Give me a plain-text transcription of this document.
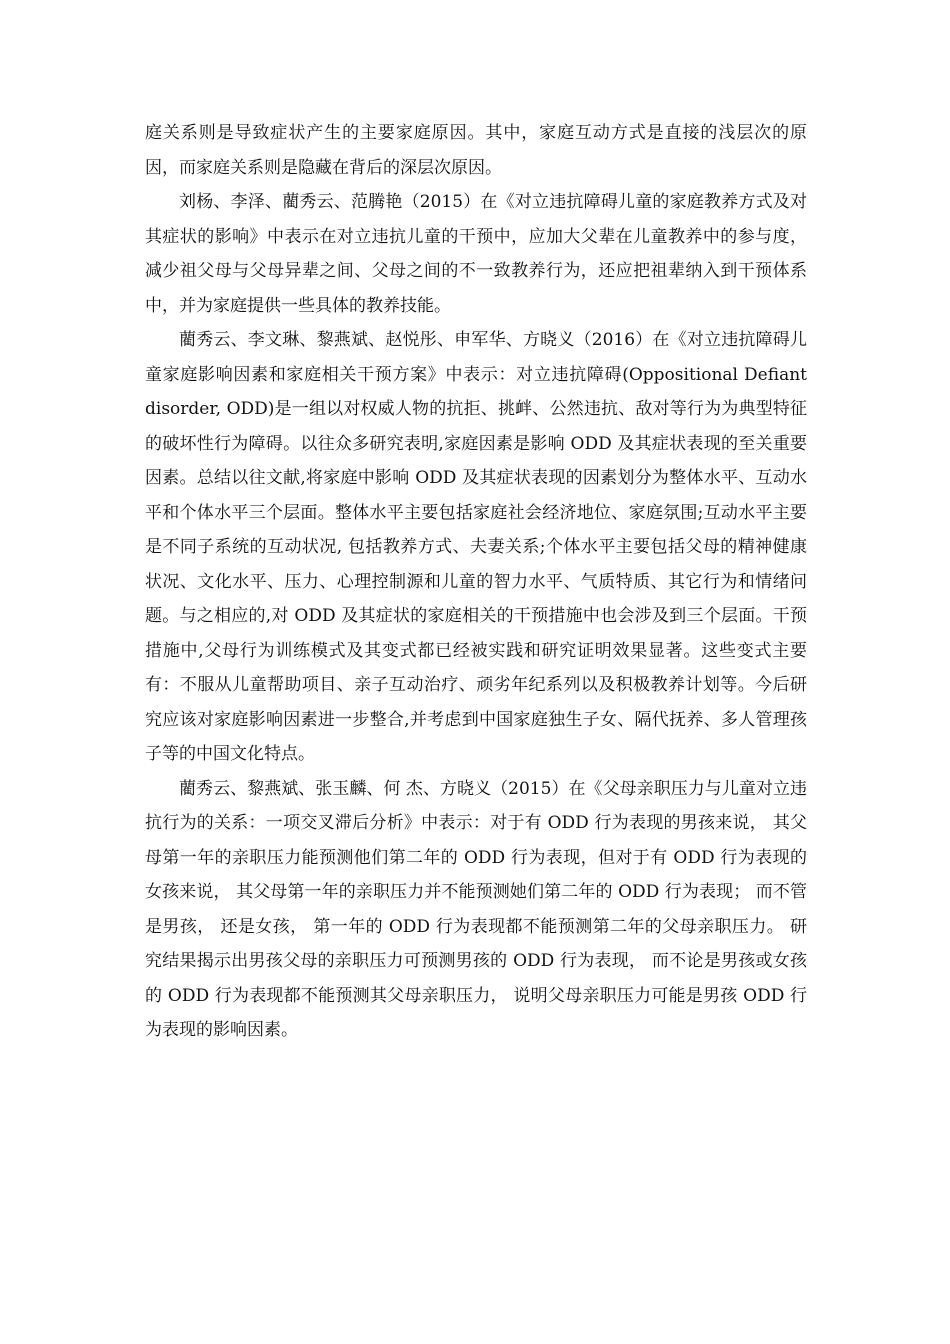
庭关系则是导致症状产生的主要家庭原因。其中，家庭互动方式是直接的浅层次的原因，而家庭关系则是隐藏在背后的深层次原因。

刘杨、李泽、藺秀云、范腾艳（2015）在《对立违抗障碍儿童的家庭教养方式及对其症状的影响》中表示在对立违抗儿童的干预中，应加大父辈在儿童教养中的参与度，减少祖父母与父母异辈之间、父母之间的不一致教养行为，还应把祖辈纳入到干预体系中，并为家庭提供一些具体的教养技能。

藺秀云、李文琳、黎燕斌、赵悦彤、申军华、方晓义（2016）在《对立违抗障碍儿童家庭影响因素和家庭相关干预方案》中表示：对立违抗障碍(Oppositional Defiant disorder, ODD)是一组以对权威人物的抗拒、挑衅、公然违抗、敌对等行为为典型特征的破坏性行为障碍。以往众多研究表明,家庭因素是影响 ODD 及其症状表现的至关重要因素。总结以往文献,将家庭中影响 ODD 及其症状表现的因素划分为整体水平、互动水平和个体水平三个层面。整体水平主要包括家庭社会经济地位、家庭氛围;互动水平主要是不同子系统的互动状况, 包括教养方式、夫妻关系;个体水平主要包括父母的精神健康状况、文化水平、压力、心理控制源和儿童的智力水平、气质特质、其它行为和情绪问题。与之相应的,对 ODD 及其症状的家庭相关的干预措施中也会涉及到三个层面。干预措施中,父母行为训练模式及其变式都已经被实践和研究证明效果显著。这些变式主要有：不服从儿童帮助项目、亲子互动治疗、顽劣年纪系列以及积极教养计划等。今后研究应该对家庭影响因素进一步整合,并考虑到中国家庭独生子女、隔代抚养、多人管理孩子等的中国文化特点。

藺秀云、黎燕斌、张玉麟、何 杰、方晓义（2015）在《父母亲职压力与儿童对立违抗行为的关系：一项交叉滞后分析》中表示：对于有 ODD 行为表现的男孩来说， 其父母第一年的亲职压力能预测他们第二年的 ODD 行为表现，但对于有 ODD 行为表现的女孩来说， 其父母第一年的亲职压力并不能预测她们第二年的 ODD 行为表现； 而不管是男孩， 还是女孩， 第一年的 ODD 行为表现都不能预测第二年的父母亲职压力。 研究结果揭示出男孩父母的亲职压力可预测男孩的 ODD 行为表现， 而不论是男孩或女孩的 ODD 行为表现都不能预测其父母亲职压力， 说明父母亲职压力可能是男孩 ODD 行为表现的影响因素。
